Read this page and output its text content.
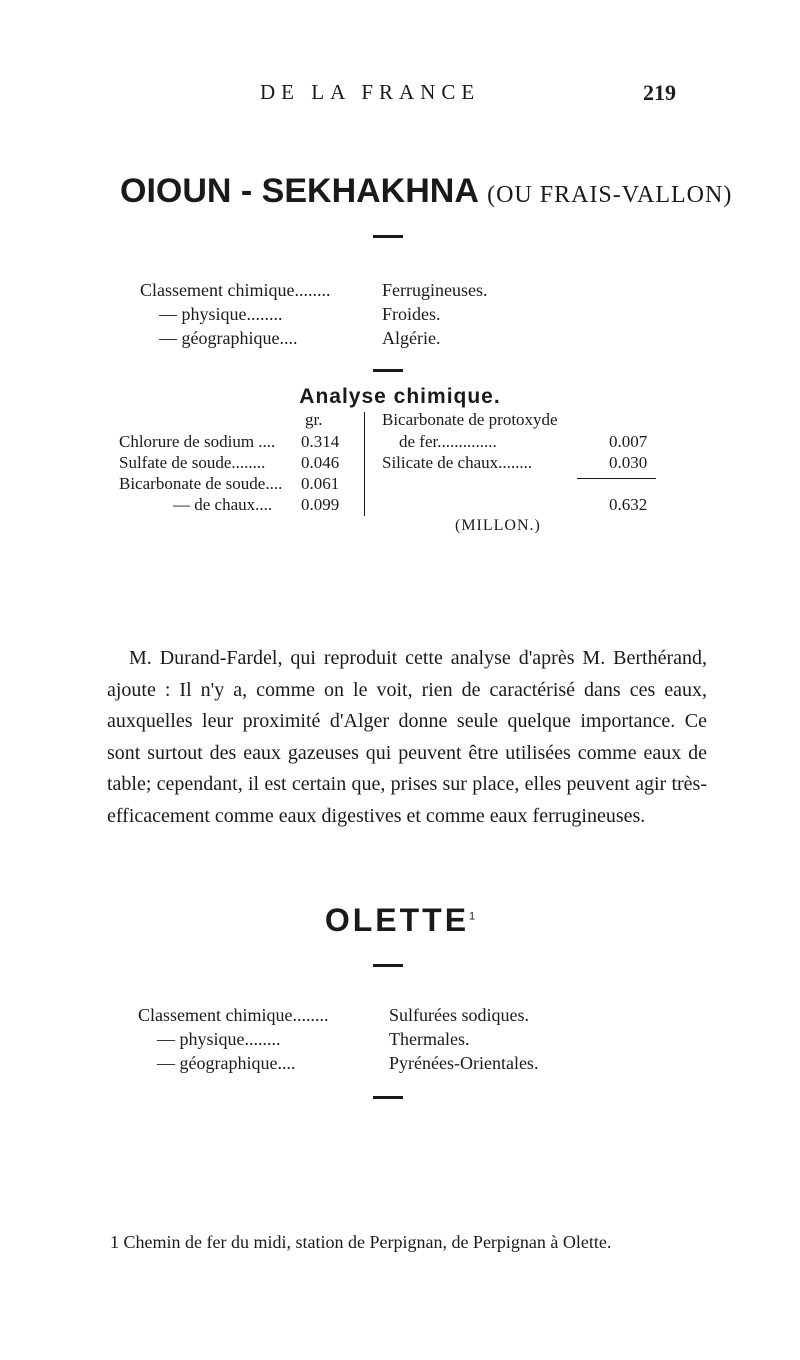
DE LA FRANCE	219
OIOUN - SEKHAKHNA (OU FRAIS-VALLON)
Classement chimique........	Ferrugineuses.
— physique........	Froides.
— géographique....	Algérie.
Analyse chimique.
gr.
Chlorure de sodium .... 0.314
Sulfate de soude........ 0.046
Bicarbonate de soude.... 0.061
— de chaux.... 0.099
Bicarbonate de protoxyde
de fer..............	0.007
Silicate de chaux........	0.030
0.632
(MILLON.)
M. Durand-Fardel, qui reproduit cette analyse d'après M. Berthérand, ajoute : Il n'y a, comme on le voit, rien de caractérisé dans ces eaux, auxquelles leur proximité d'Alger donne seule quelque importance. Ce sont surtout des eaux gazeuses qui peuvent être utilisées comme eaux de table; cependant, il est certain que, prises sur place, elles peuvent agir très-efficacement comme eaux digestives et comme eaux ferrugineuses.
OLETTE$^1$
Classement chimique........	Sulfurées sodiques.
— physique........	Thermales.
— géographique....	Pyrénées-Orientales.
1 Chemin de fer du midi, station de Perpignan, de Perpignan à Olette.
